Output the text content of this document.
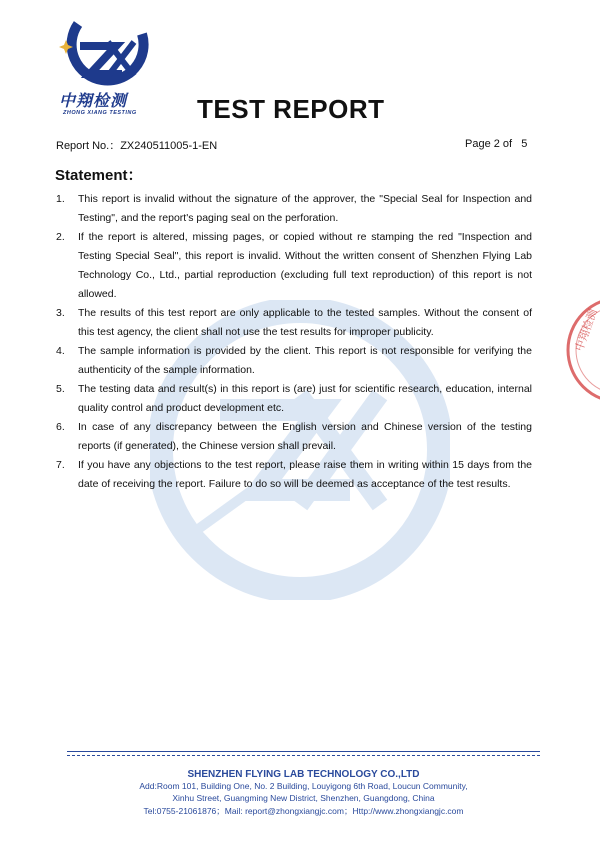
中翔检测
ZHONG XIANG TESTING TEST REPORT
Report No.：ZX240511005-1-EN	Page 2 of 5
Statement：
1. This report is invalid without the signature of the approver, the "Special Seal for Inspection and Testing", and the report's paging seal on the perforation.
2. If the report is altered, missing pages, or copied without re stamping the red "Inspection and Testing Special Seal", this report is invalid. Without the written consent of Shenzhen Flying Lab Technology Co., Ltd., partial reproduction (excluding full text reproduction) of this report is not allowed.
3. The results of this test report are only applicable to the tested samples. Without the consent of this test agency, the client shall not use the test results for improper publicity.
4. The sample information is provided by the client. This report is not responsible for verifying the authenticity of the sample information.
5. The testing data and result(s) in this report is (are) just for scientific research, education, internal quality control and product development etc.
6. In case of any discrepancy between the English version and Chinese version of the testing reports (if generated), the Chinese version shall prevail.
7. If you have any objections to the test report, please raise them in writing within 15 days from the date of receiving the report. Failure to do so will be deemed as acceptance of the test results.
中翔检测
SHENZHEN FLYING LAB TECHNOLOGY CO.,LTD
Add:Room 101, Building One, No. 2 Building, Louyigong 6th Road, Loucun Community,
Xinhu Street, Guangming New District, Shenzhen, Guangdong, China
Tel:0755-21061876；Mail: report@zhongxiangjc.com；Http://www.zhongxiangjc.com
